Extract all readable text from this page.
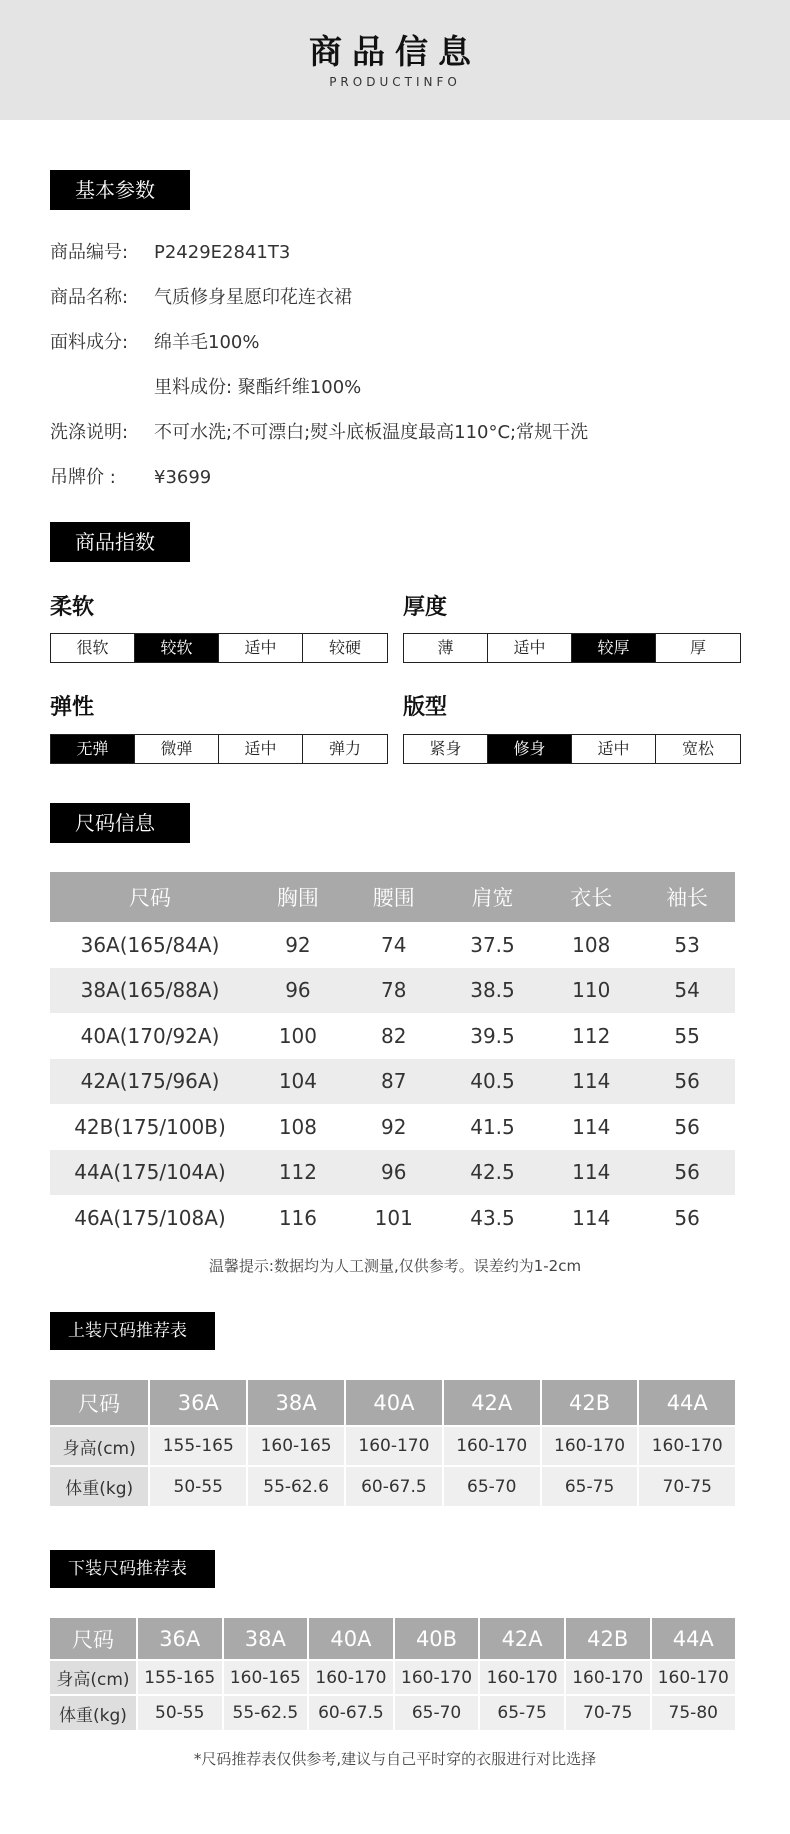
商品信息
PRODUCTINFO
基本参数
商品编号: P2429E2841T3
商品名称: 气质修身星愿印花连衣裙
面料成分: 绵羊毛100%
里料成份: 聚酯纤维100%
洗涤说明: 不可水洗;不可漂白;熨斗底板温度最高110°C;常规干洗
吊牌价 : ¥3699
商品指数
柔软
很软	较软	适中	较硬
厚度
薄	适中	较厚	厚
弹性
无弹	微弹	适中	弹力
版型
紧身	修身	适中	宽松
尺码信息
尺码	胸围	腰围	肩宽	衣长	袖长
36A(165/84A)	92	74	37.5	108	53
38A(165/88A)	96	78	38.5	110	54
40A(170/92A)	100	82	39.5	112	55
42A(175/96A)	104	87	40.5	114	56
42B(175/100B)	108	92	41.5	114	56
44A(175/104A)	112	96	42.5	114	56
46A(175/108A)	116	101	43.5	114	56
温馨提示:数据均为人工测量,仅供参考。误差约为1-2cm
上装尺码推荐表
尺码	36A	38A	40A	42A	42B	44A
身高(cm)	155-165	160-165	160-170	160-170	160-170	160-170
体重(kg)	50-55	55-62.6	60-67.5	65-70	65-75	70-75
下装尺码推荐表
尺码	36A	38A	40A	40B	42A	42B	44A
身高(cm)	155-165	160-165	160-170	160-170	160-170	160-170	160-170
体重(kg)	50-55	55-62.5	60-67.5	65-70	65-75	70-75	75-80
*尺码推荐表仅供参考,建议与自己平时穿的衣服进行对比选择
